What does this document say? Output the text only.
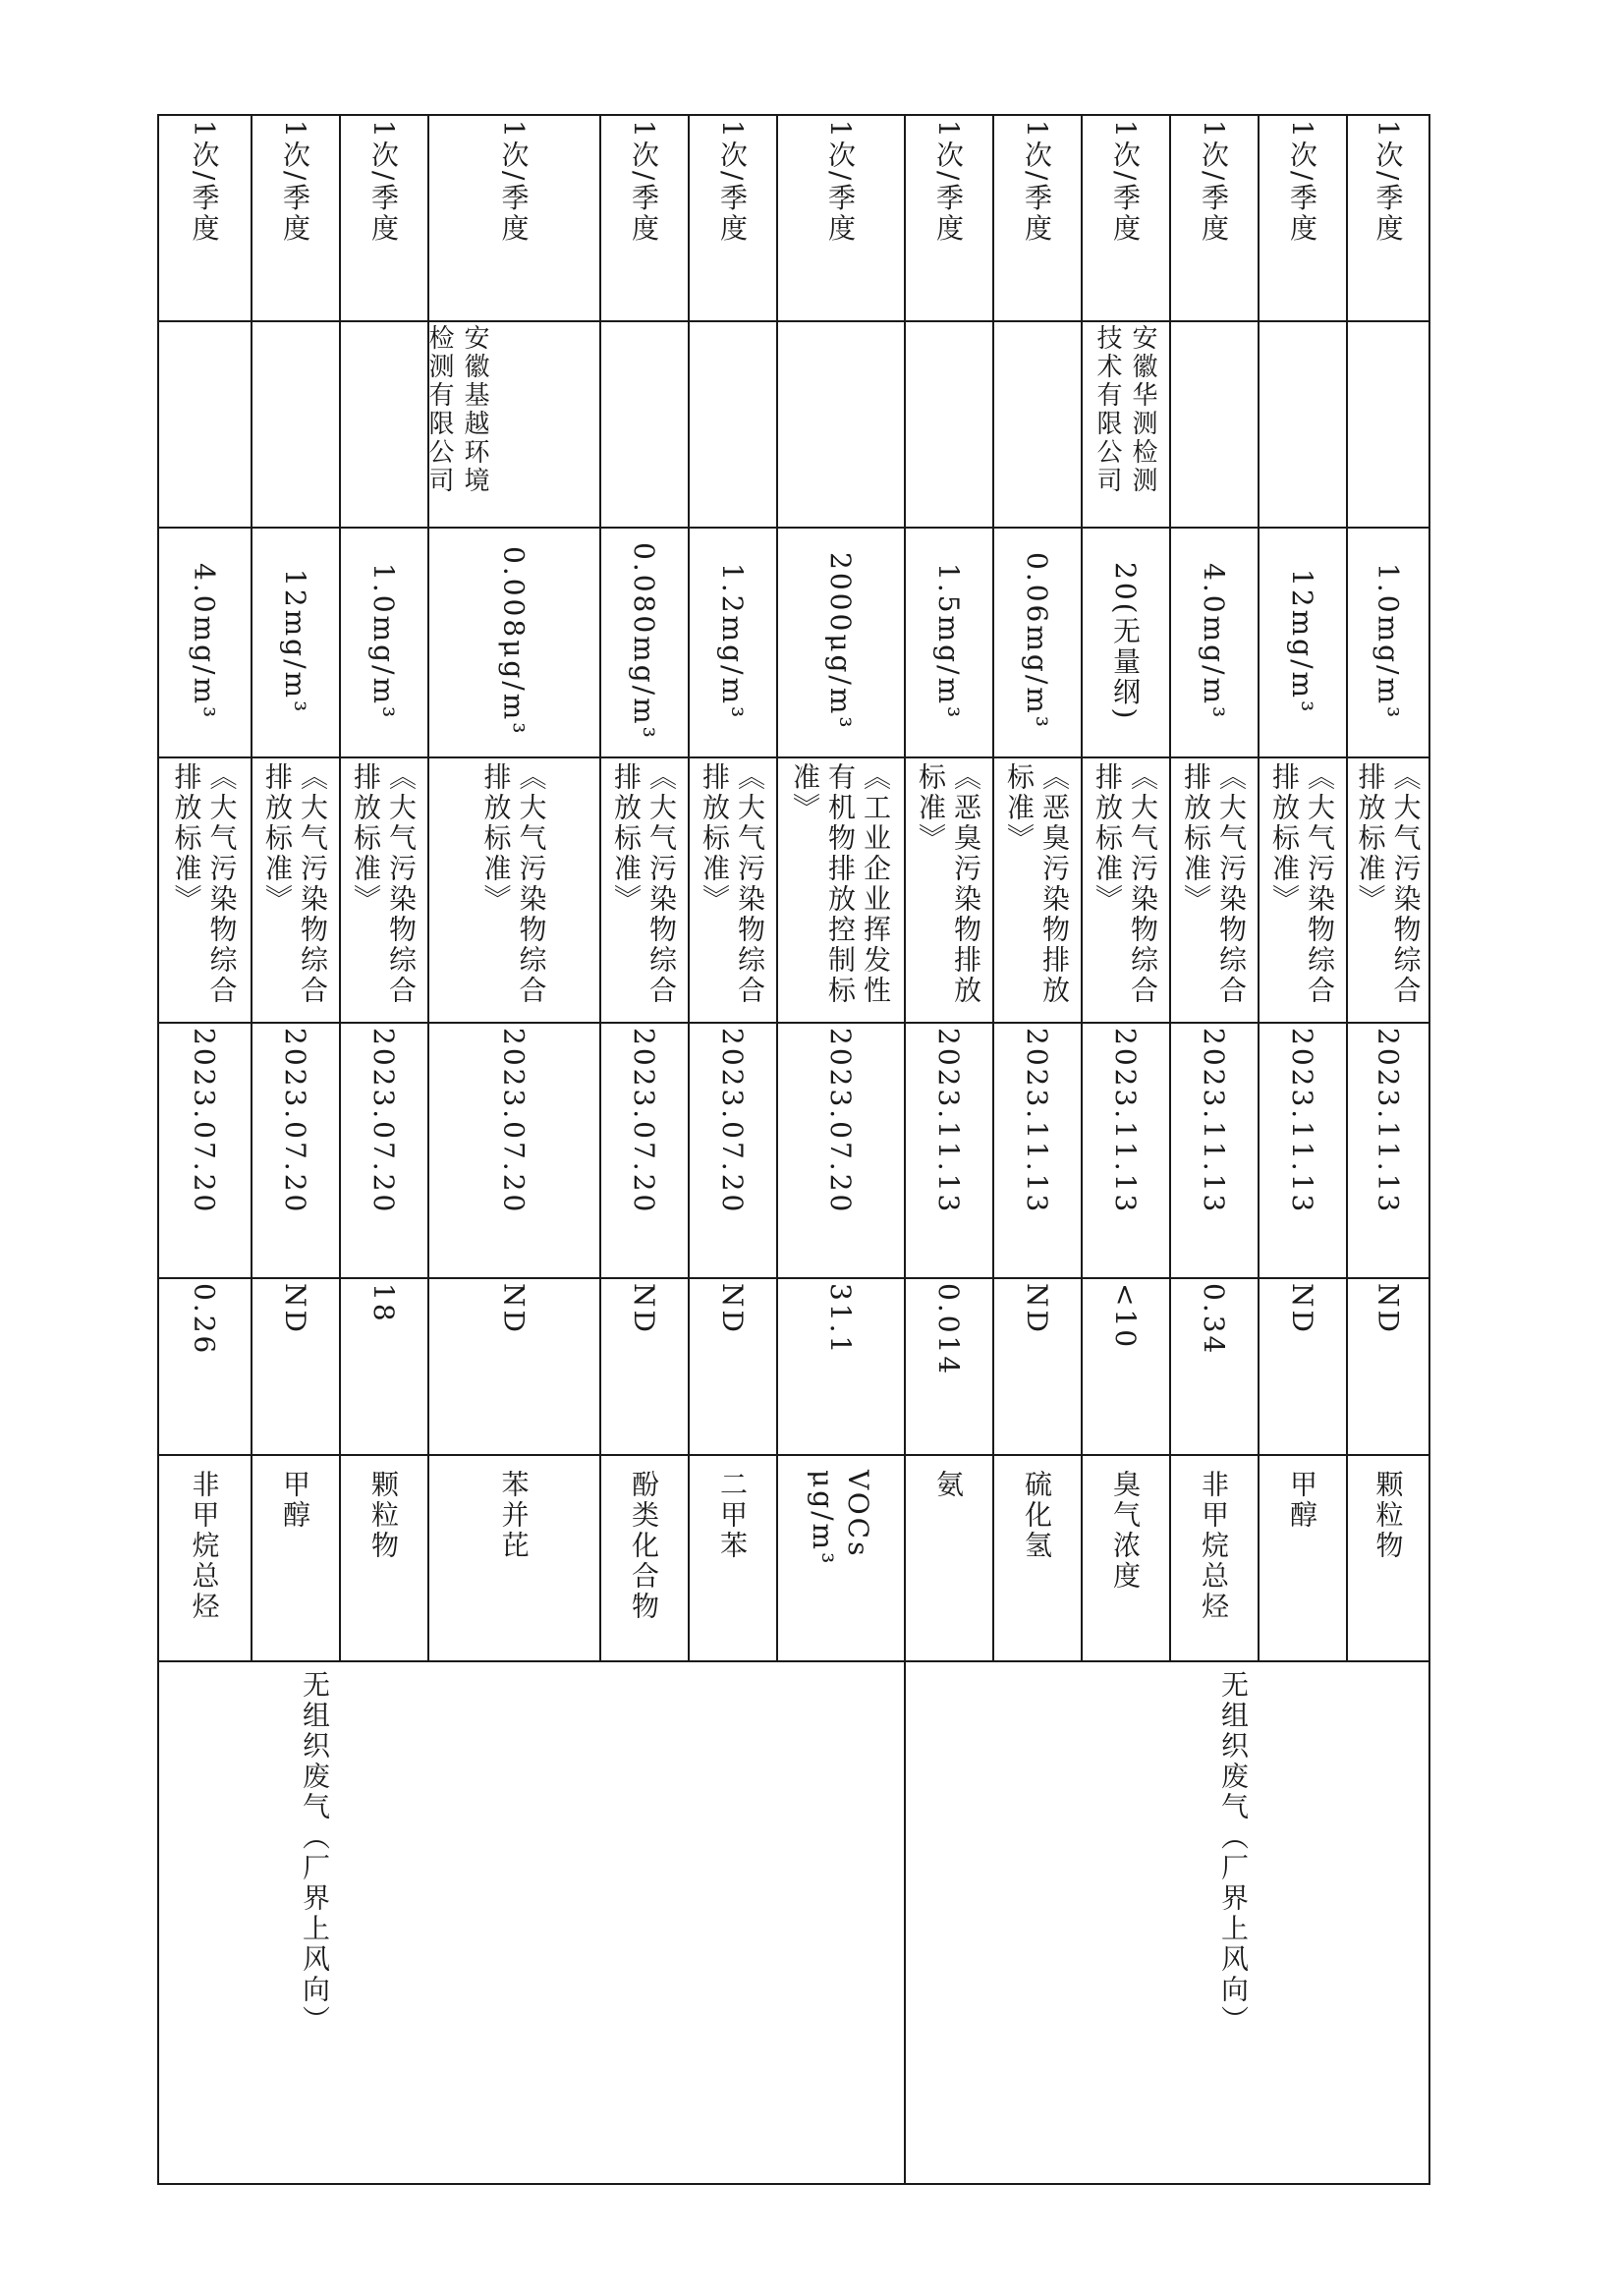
1次/季度
4.0mg/m³
《大气污染物综合排放标准》
2023.07.20
0.26
非甲烷总烃
1次/季度
12mg/m³
《大气污染物综合排放标准》
2023.07.20
ND
甲醇
1次/季度
1.0mg/m³
《大气污染物综合排放标准》
2023.07.20
18
颗粒物
1次/季度
0.008μg/m³
《大气污染物综合排放标准》
2023.07.20
ND
苯并芘
1次/季度
0.080mg/m³
《大气污染物综合排放标准》
2023.07.20
ND
酚类化合物
1次/季度
1.2mg/m³
《大气污染物综合排放标准》
2023.07.20
ND
二甲苯
1次/季度
2000μg/m³
《工业企业挥发性有机物排放控制标准》
2023.07.20
31.1
VOCs μg/m³
1次/季度
1.5mg/m³
《恶臭污染物排放标准》
2023.11.13
0.014
氨
1次/季度
0.06mg/m³
《恶臭污染物排放标准》
2023.11.13
ND
硫化氢
1次/季度
20(无量纲)
《大气污染物综合排放标准》
2023.11.13
<10
臭气浓度
1次/季度
4.0mg/m³
《大气污染物综合排放标准》
2023.11.13
0.34
非甲烷总烃
1次/季度
12mg/m³
《大气污染物综合排放标准》
2023.11.13
ND
甲醇
1次/季度
1.0mg/m³
《大气污染物综合排放标准》
2023.11.13
ND
颗粒物
安徽基越环境检测有限公司	安徽华测检测技术有限公司
无组织废气（厂界上风向）	无组织废气（厂界上风向）
